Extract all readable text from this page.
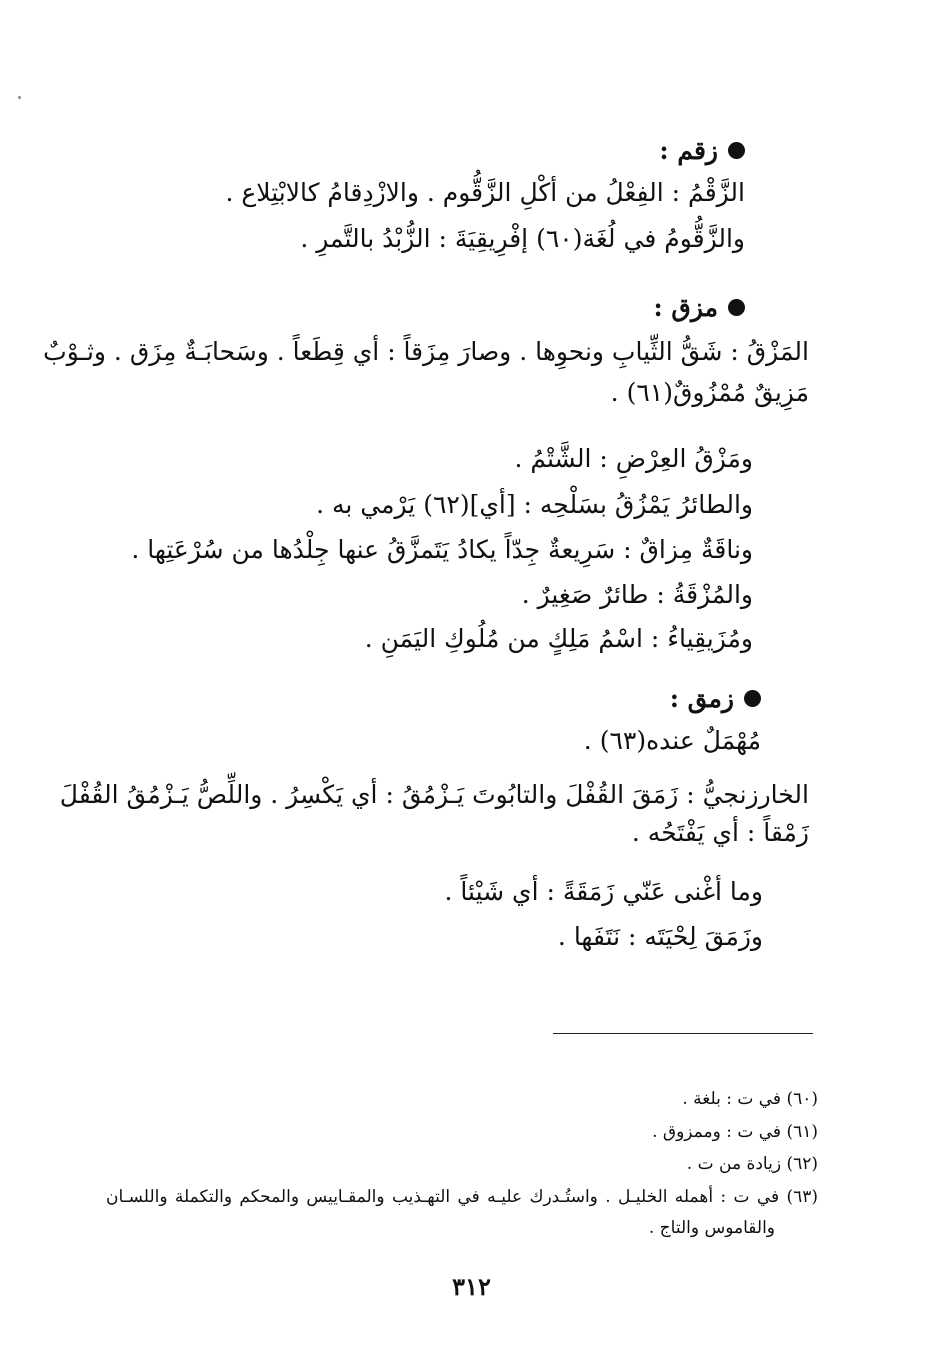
زقم :
الزَّقْمُ : الفِعْلُ من أكْلِ الزَّقُّوم . والازْدِقامُ كالابْتِلاع .
والزَّقُّومُ في لُغَة(٦٠) إفْرِيقِيَةَ : الزُّبْدُ بالتَّمرِ .
مزق :
المَزْقُ : شَقُّ الثِّيابِ ونحوِها . وصارَ مِزَقاً : أي قِطَعاً . وسَحابَـةٌ مِزَق . وثـوْبٌ
مَزِيقٌ مُمْزُوقٌ(٦١) .
ومَزْقُ العِرْضِ : الشَّتْمُ .
والطائرُ يَمْزُقُ بسَلْحِه : [أي](٦٢) يَرْمي به .
وناقَةٌ مِزاقٌ : سَرِيعةٌ جِدّاً يكادُ يَتَمزَّقُ عنها جِلْدُها من سُرْعَتِها .
والمُزْقَةُ : طائرٌ صَغِيرٌ .
ومُزَيقِياءُ : اسْمُ مَلِكٍ من مُلُوكِ اليَمَنِ .
زمق :
مُهْمَلٌ عنده(٦٣) .
الخارزنجيُّ : زَمَقَ القُفْلَ والتابُوتَ يَـزْمُقُ : أي يَكْسِرُ . واللِّصُّ يَـزْمُقُ القُفْلَ
زَمْقاً : أي يَفْتَحُه .
وما أغْنى عَنّي زَمَقَةً : أي شَيْئاً .
وزَمَقَ لِحْيَتَه : نَتَفَها .
(٦٠) في ت : بلغة .
(٦١) في ت : وممزوق .
(٦٢) زيادة من ت .
(٦٣) في ت : أهمله الخليـل . واستُـدرك عليـه في التهـذيب والمقـاييس والمحكم والتكملة واللسـان
والقاموس والتاج .
٣١٢
